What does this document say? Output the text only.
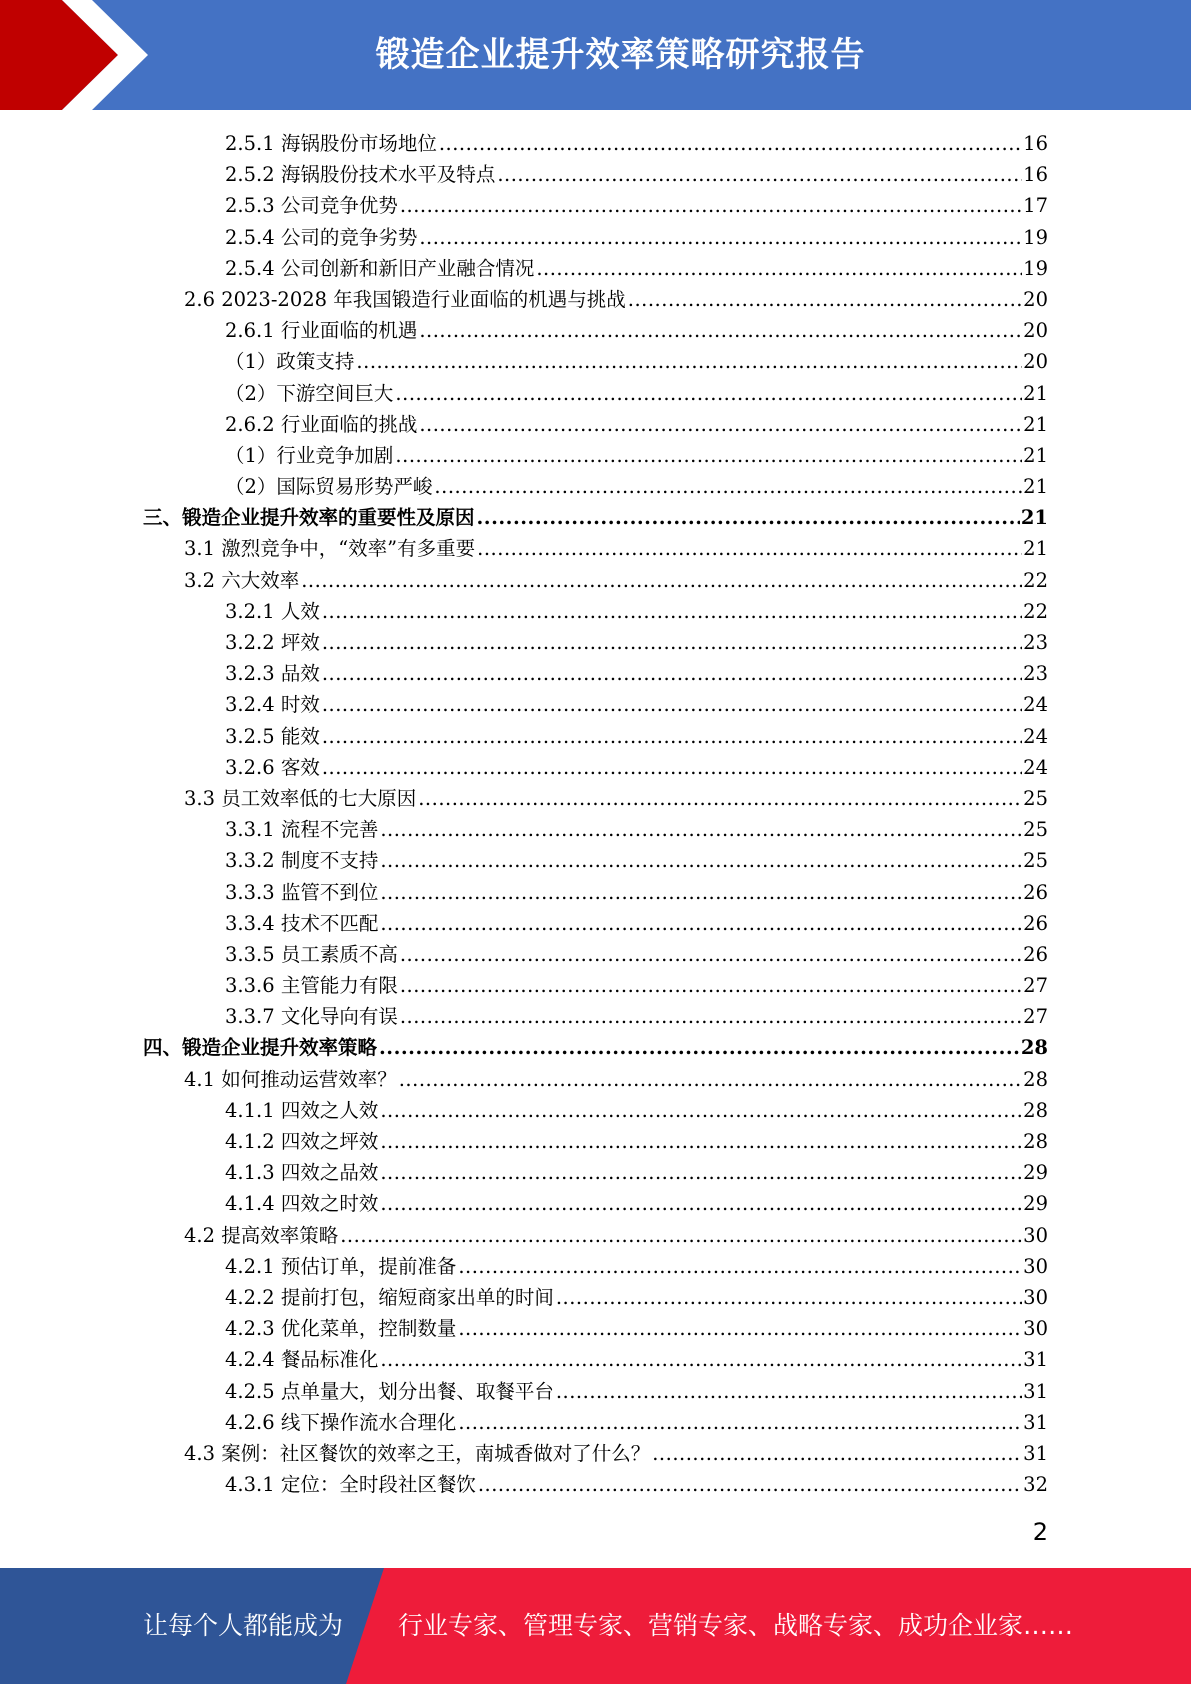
锻造企业提升效率策略研究报告
2.5.1 海锅股份市场地位 .....	16
2.5.2 海锅股份技术水平及特点 .....	16
2.5.3 公司竞争优势 .....	17
2.5.4 公司的竞争劣势 .....	19
2.5.4 公司创新和新旧产业融合情况 .....	19
2.6 2023-2028 年我国锻造行业面临的机遇与挑战 .....	20
2.6.1 行业面临的机遇 .....	20
（1）政策支持 .....	20
（2）下游空间巨大 .....	21
2.6.2 行业面临的挑战 .....	21
（1）行业竞争加剧 .....	21
（2）国际贸易形势严峻 .....	21
三、锻造企业提升效率的重要性及原因 .....	21
3.1 激烈竞争中，“效率”有多重要 .....	21
3.2 六大效率 .....	22
3.2.1 人效 .....	22
3.2.2 坪效 .....	23
3.2.3 品效 .....	23
3.2.4 时效 .....	24
3.2.5 能效 .....	24
3.2.6 客效 .....	24
3.3 员工效率低的七大原因 .....	25
3.3.1 流程不完善 .....	25
3.3.2 制度不支持 .....	25
3.3.3 监管不到位 .....	26
3.3.4 技术不匹配 .....	26
3.3.5 员工素质不高 .....	26
3.3.6 主管能力有限 .....	27
3.3.7 文化导向有误 .....	27
四、锻造企业提升效率策略 .....	28
4.1 如何推动运营效率？ .....	28
4.1.1 四效之人效 .....	28
4.1.2 四效之坪效 .....	28
4.1.3 四效之品效 .....	29
4.1.4 四效之时效 .....	29
4.2 提高效率策略 .....	30
4.2.1 预估订单，提前准备 .....	30
4.2.2 提前打包，缩短商家出单的时间 .....	30
4.2.3 优化菜单，控制数量 .....	30
4.2.4 餐品标准化 .....	31
4.2.5 点单量大，划分出餐、取餐平台 .....	31
4.2.6 线下操作流水合理化 .....	31
4.3 案例：社区餐饮的效率之王，南城香做对了什么？ .....	31
4.3.1 定位：全时段社区餐饮 .....	32
2
让每个人都能成为 行业专家、管理专家、营销专家、战略专家、成功企业家……
